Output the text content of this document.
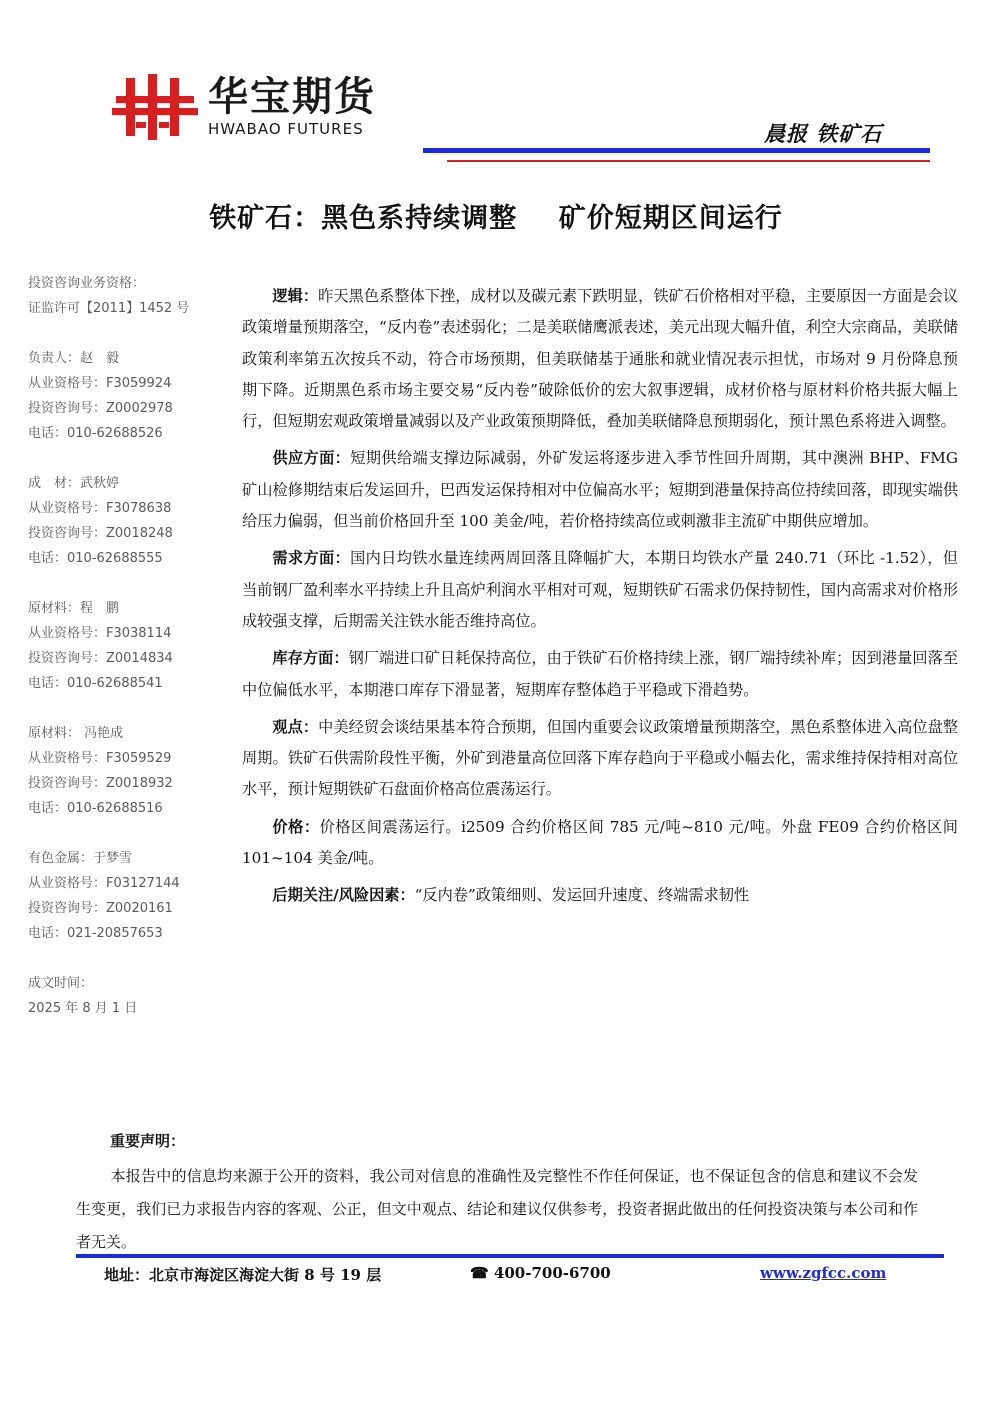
华宝期货
HWABAO FUTURES	晨报 铁矿石
铁矿石：黑色系持续调整    矿价短期区间运行
投资咨询业务资格：
证监许可【2011】1452 号
负责人：赵　毅
从业资格号：F3059924
投资咨询号：Z0002978
电话：010-62688526
成　材：武秋婷
从业资格号：F3078638
投资咨询号：Z0018248
电话：010-62688555
原材料：程　鹏
从业资格号：F3038114
投资咨询号：Z0014834
电话：010-62688541
原材料： 冯艳成
从业资格号：F3059529
投资咨询号：Z0018932
电话：010-62688516
有色金属：于梦雪
从业资格号：F03127144
投资咨询号：Z0020161
电话：021-20857653
成文时间：
2025 年 8 月 1 日

逻辑：昨天黑色系整体下挫，成材以及碳元素下跌明显，铁矿石价格相对平稳，主要原因一方面是会议政策增量预期落空，“反内卷”表述弱化；二是美联储鹰派表述，美元出现大幅升值，利空大宗商品，美联储政策利率第五次按兵不动，符合市场预期，但美联储基于通胀和就业情况表示担忧，市场对 9 月份降息预期下降。近期黑色系市场主要交易“反内卷”破除低价的宏大叙事逻辑，成材价格与原材料价格共振大幅上行，但短期宏观政策增量减弱以及产业政策预期降低，叠加美联储降息预期弱化，预计黑色系将进入调整。

供应方面：短期供给端支撑边际减弱，外矿发运将逐步进入季节性回升周期，其中澳洲 BHP、FMG 矿山检修期结束后发运回升，巴西发运保持相对中位偏高水平；短期到港量保持高位持续回落，即现实端供给压力偏弱，但当前价格回升至 100 美金/吨，若价格持续高位或刺激非主流矿中期供应增加。

需求方面：国内日均铁水量连续两周回落且降幅扩大，本期日均铁水产量 240.71（环比 -1.52），但当前钢厂盈利率水平持续上升且高炉利润水平相对可观，短期铁矿石需求仍保持韧性，国内高需求对价格形成较强支撑，后期需关注铁水能否维持高位。

库存方面：钢厂端进口矿日耗保持高位，由于铁矿石价格持续上涨，钢厂端持续补库；因到港量回落至中位偏低水平，本期港口库存下滑显著，短期库存整体趋于平稳或下滑趋势。

观点：中美经贸会谈结果基本符合预期，但国内重要会议政策增量预期落空，黑色系整体进入高位盘整周期。铁矿石供需阶段性平衡，外矿到港量高位回落下库存趋向于平稳或小幅去化，需求维持保持相对高位水平，预计短期铁矿石盘面价格高位震荡运行。

价格：价格区间震荡运行。i2509 合约价格区间 785 元/吨~810 元/吨。外盘 FE09 合约价格区间 101~104 美金/吨。

后期关注/风险因素：“反内卷”政策细则、发运回升速度、终端需求韧性

重要声明：
本报告中的信息均来源于公开的资料，我公司对信息的准确性及完整性不作任何保证，也不保证包含的信息和建议不会发生变更，我们已力求报告内容的客观、公正，但文中观点、结论和建议仅供参考，投资者据此做出的任何投资决策与本公司和作者无关。
地址：北京市海淀区海淀大街 8 号 19 层	☎ 400-700-6700	www.zgfcc.com
